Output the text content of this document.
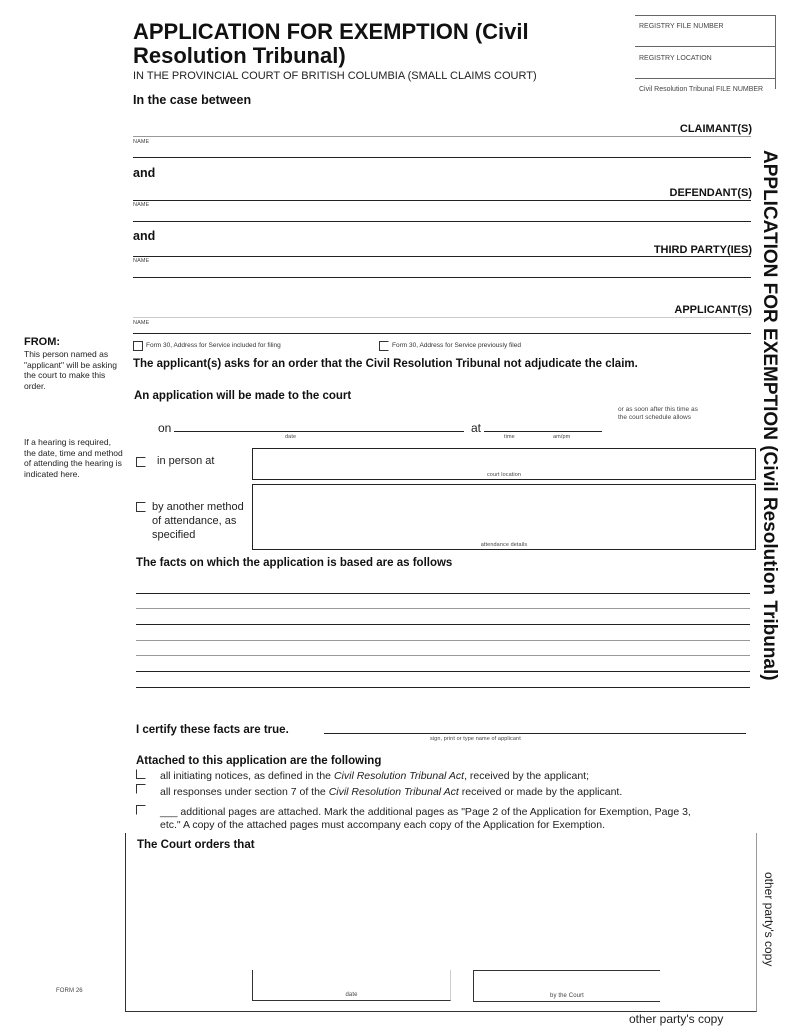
APPLICATION FOR EXEMPTION (Civil Resolution Tribunal)
IN THE PROVINCIAL COURT OF BRITISH COLUMBIA (SMALL CLAIMS COURT)
In the case between
REGISTRY FILE NUMBER
REGISTRY LOCATION
Civil Resolution Tribunal FILE NUMBER
CLAIMANT(S)
NAME
and
DEFENDANT(S)
NAME
and
THIRD PARTY(IES)
NAME
APPLICANT(S)
NAME
Form 30, Address for Service included for filing	Form 30, Address for Service previously filed
FROM:
This person named as "applicant" will be asking the court to make this order.
If a hearing is required, the date, time and method of attending the hearing is indicated here.
The applicant(s) asks for an order that the Civil Resolution Tribunal not adjudicate the claim.
An application will be made to the court
or as soon after this time as
the court schedule allows
on
date
at
time	am/pm
in person at
court location
by another method
of attendance, as
specified
attendance details
The facts on which the application is based are as follows
I certify these facts are true.
sign, print or type name of applicant
Attached to this application are the following
all initiating notices, as defined in the Civil Resolution Tribunal Act, received by the applicant;
all responses under section 7 of the Civil Resolution Tribunal Act received or made by the applicant.
___ additional pages are attached. Mark the additional pages as "Page 2 of the Application for Exemption, Page 3,
etc." A copy of the attached pages must accompany each copy of the Application for Exemption.
The Court orders that
date	by the Court
FORM 26
other party's copy
APPLICATION FOR EXEMPTION (Civil Resolution Tribunal)
other party's copy
